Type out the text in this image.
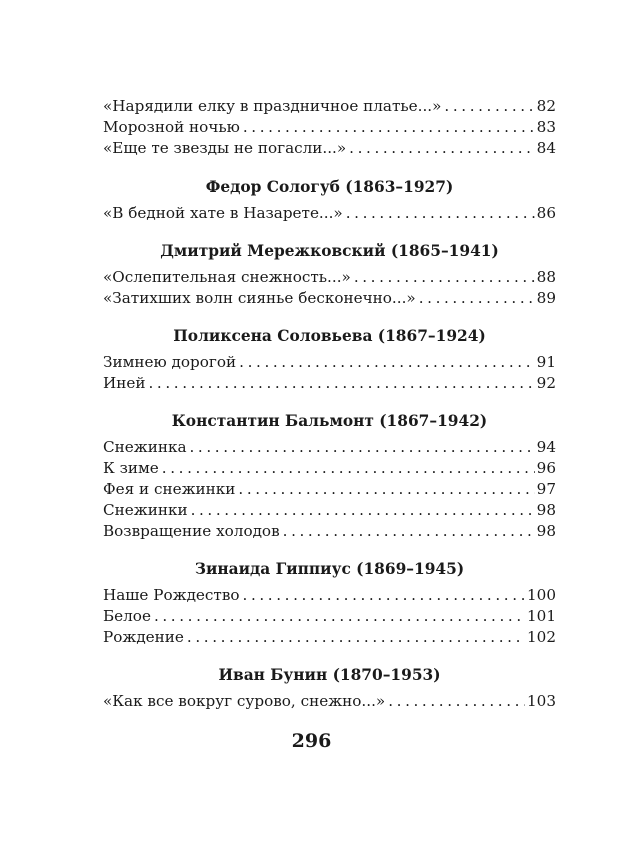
«Нарядили елку в праздничное платье...» .....	82
Морозной ночью .....	83
«Еще те звезды не погасли...» .....	84
Федор Сологуб (1863–1927)
«В бедной хате в Назарете...» .....	86
Дмитрий Мережковский (1865–1941)
«Ослепительная снежность...» .....	88
«Затихших волн сиянье бесконечно...» .....	89
Поликсена Соловьева (1867–1924)
Зимнею дорогой .....	91
Иней .....	92
Константин Бальмонт (1867–1942)
Снежинка .....	94
К зиме .....	96
Фея и снежинки .....	97
Снежинки .....	98
Возвращение холодов .....	98
Зинаида Гиппиус (1869–1945)
Наше Рождество .....	100
Белое .....	101
Рождение .....	102
Иван Бунин (1870–1953)
«Как все вокруг сурово, снежно...» .....	103
296
